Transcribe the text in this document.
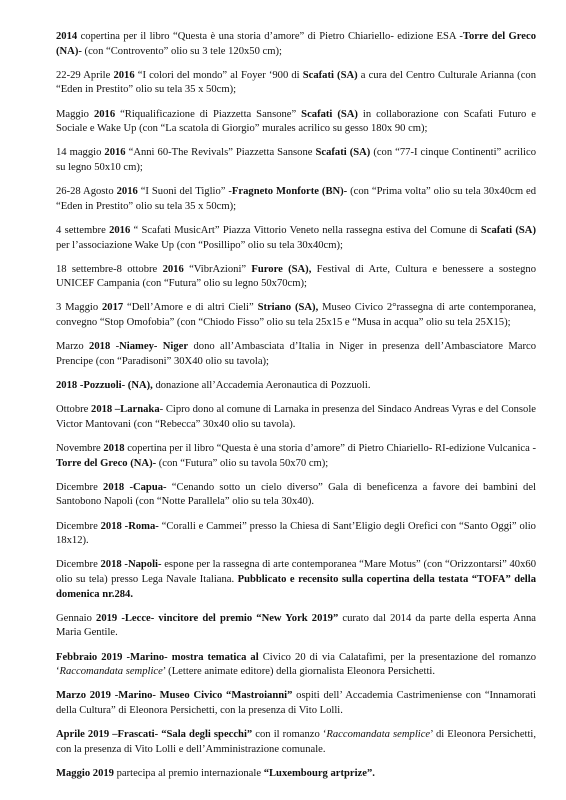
2014 copertina per il libro “Questa è una storia d’amore” di Pietro Chiariello- edizione ESA -Torre del Greco (NA)- (con “Controvento” olio su 3 tele 120x50 cm);

22-29 Aprile 2016 “I colori del mondo” al Foyer ‘900 di Scafati (SA) a cura del Centro Culturale Arianna (con “Eden in Prestito” olio su tela 35 x 50cm);

Maggio 2016 “Riqualificazione di Piazzetta Sansone” Scafati (SA) in collaborazione con Scafati Futuro e Sociale e Wake Up (con “La scatola di Giorgio” murales acrilico su gesso 180x 90 cm);

14 maggio 2016 “Anni 60-The Revivals” Piazzetta Sansone Scafati (SA) (con “77-I cinque Continenti” acrilico su legno 50x10 cm);

26-28 Agosto 2016 “I Suoni del Tiglio” -Fragneto Monforte (BN)- (con “Prima volta” olio su tela 30x40cm ed “Eden in Prestito” olio su tela 35 x 50cm);

4 settembre 2016 “ Scafati MusicArt” Piazza Vittorio Veneto nella rassegna estiva del Comune di Scafati (SA) per l’associazione Wake Up (con “Posillipo” olio su tela 30x40cm);

18 settembre-8 ottobre 2016 “VibrAzioni” Furore (SA), Festival di Arte, Cultura e benessere a sostegno UNICEF Campania (con “Futura” olio su legno 50x70cm);

3 Maggio 2017 “Dell’Amore e di altri Cieli” Striano (SA), Museo Civico 2°rassegna di arte contemporanea, convegno “Stop Omofobia” (con “Chiodo Fisso” olio su tela 25x15 e “Musa in acqua” olio su tela 25X15);

Marzo 2018 -Niamey- Niger dono all’Ambasciata d’Italia in Niger in presenza dell’Ambasciatore Marco Prencipe (con “Paradisoni” 30X40 olio su tavola);

2018 -Pozzuoli- (NA), donazione all’Accademia Aeronautica di Pozzuoli.

Ottobre 2018 –Larnaka- Cipro dono al comune di Larnaka in presenza del Sindaco Andreas Vyras e del Console Victor Mantovani (con “Rebecca” 30x40 olio su tavola).

Novembre 2018 copertina per il libro “Questa è una storia d’amore” di Pietro Chiariello- RI-edizione Vulcanica -Torre del Greco (NA)- (con “Futura” olio su tavola 50x70 cm);

Dicembre 2018 -Capua- “Cenando sotto un cielo diverso” Gala di beneficenza a favore dei bambini del Santobono Napoli (con “Notte Parallela” olio su tela 30x40).

Dicembre 2018 -Roma- “Coralli e Cammei” presso la Chiesa di Sant’Eligio degli Orefici con “Santo Oggi” olio 18x12).

Dicembre 2018 -Napoli- espone per la rassegna di arte contemporanea “Mare Motus” (con “Orizzontarsi” 40x60 olio su tela) presso Lega Navale Italiana. Pubblicato e recensito sulla copertina della testata “TOFA” della domenica nr.284.

Gennaio 2019 -Lecce- vincitore del premio “New York 2019” curato dal 2014 da parte della esperta Anna Maria Gentile.

Febbraio 2019 -Marino- mostra tematica al Civico 20 di via Calatafimi, per la presentazione del romanzo ‘Raccomandata semplice’ (Lettere animate editore) della giornalista Eleonora Persichetti.

Marzo 2019 -Marino- Museo Civico “Mastroianni” ospiti dell’ Accademia Castrimeniense con “Innamorati della Cultura” di Eleonora Persichetti, con la presenza di Vito Lolli.

Aprile 2019 –Frascati- “Sala degli specchi” con il romanzo ‘Raccomandata semplice’ di Eleonora Persichetti, con la presenza di Vito Lolli e dell’Amministrazione comunale.

Maggio 2019 partecipa al premio internazionale “Luxembourg artprize”.
